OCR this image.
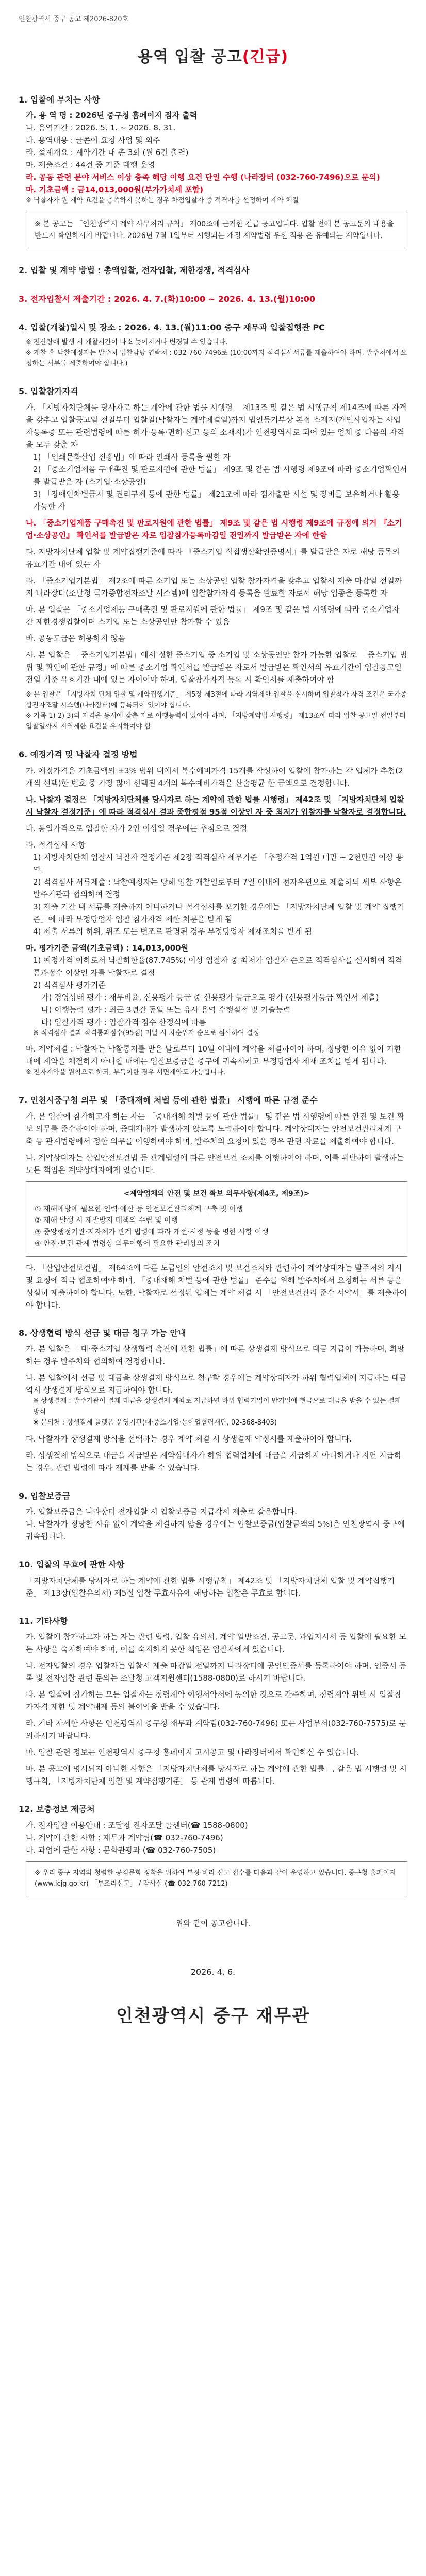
인천광역시 중구 공고 제2026-820호
용역 입찰 공고(긴급)
1. 입찰에 부치는 사항
가. 용 역 명 : 2026년 중구청 홈페이지 점자 출력
나. 용역기간 : 2026. 5. 1. ~ 2026. 8. 31.
다. 용역내용 : 글쓴이 요청 사업 및 외주
라. 설계개요 : 계약기간 내 총 3회 (월 6건 출력)
마. 제출조건 : 44건 중 기준 대행 운영
라. 공동 관련 분야 서비스 이상 충족 해당 이행 요건 단일 수행 (나라장터 (032-760-7496)으로 문의)
마. 기초금액 : 금14,013,000원(부가가치세 포함)
※ 낙찰자가 원 계약 요건을 충족하지 못하는 경우 차점입찰자 중 적격자를 선정하여 계약 체결
※ 본 공고는 「인천광역시 계약 사무처리 규칙」 제00조에 근거한 긴급 공고입니다. 입찰 전에 본 공고문의 내용을 반드시 확인하시기 바랍니다. 2026년 7월 1일부터 시행되는 개정 계약법령 우선 적용 은 유예되는 계약입니다.
2. 입찰 및 계약 방법 : 총액입찰, 전자입찰, 제한경쟁, 적격심사
3. 전자입찰서 제출기간 : 2026. 4. 7.(화)10:00 ~ 2026. 4. 13.(월)10:00
4. 입찰(개찰)일시 및 장소 : 2026. 4. 13.(월)11:00 중구 재무과 입찰집행관 PC
※ 전산장애 발생 시 개찰시간이 다소 늦어지거나 변경될 수 있습니다.
※ 개찰 후 낙찰예정자는 발주처 입찰담당 연락처 : 032-760-7496로 (10:00까지 적격심사서류를 제출하여야 하며, 발주처에서 요청하는 서류를 제출하여야 합니다.)
5. 입찰참가자격
가. 「지방자치단체를 당사자로 하는 계약에 관한 법률 시행령」 제13조 및 같은 법 시행규칙 제14조에 따른 자격을 갖추고 입찰공고일 전일부터 입찰일(낙찰자는 계약체결일)까지 법인등기부상 본점 소재지(개인사업자는 사업자등록증 또는 관련법령에 따른 허가·등록·면허·신고 등의 소재지)가 인천광역시로 되어 있는 업체 중 다음의 자격을 모두 갖춘 자
1) 「인쇄문화산업 진흥법」에 따라 인쇄사 등록을 필한 자
2) 「중소기업제품 구매촉진 및 판로지원에 관한 법률」 제9조 및 같은 법 시행령 제9조에 따라 중소기업확인서를 발급받은 자 (소기업·소상공인)
3) 「장애인차별금지 및 권리구제 등에 관한 법률」 제21조에 따라 점자출판 시설 및 장비를 보유하거나 활용 가능한 자
나. 「중소기업제품 구매촉진 및 판로지원에 관한 법률」 제9조 및 같은 법 시행령 제9조에 규정에 의거 『소기업·소상공인』 확인서를 발급받은 자로 입찰참가등록마감일 전일까지 발급받은 자에 한함
다. 지방자치단체 입찰 및 계약집행기준에 따라 『중소기업 직접생산확인증명서』를 발급받은 자로 해당 품목의 유효기간 내에 있는 자
라. 「중소기업기본법」 제2조에 따른 소기업 또는 소상공인 입찰 참가자격을 갖추고 입찰서 제출 마감일 전일까지 나라장터(조달청 국가종합전자조달 시스템)에 입찰참가자격 등록을 완료한 자로서 해당 업종을 등록한 자
마. 본 입찰은 「중소기업제품 구매촉진 및 판로지원에 관한 법률」 제9조 및 같은 법 시행령에 따라 중소기업자 간 제한경쟁입찰이며 소기업 또는 소상공인만 참가할 수 있음
바. 공동도급은 허용하지 않음
사. 본 입찰은 「중소기업기본법」에서 정한 중소기업 중 소기업 및 소상공인만 참가 가능한 입찰로 「중소기업 범위 및 확인에 관한 규정」에 따른 중소기업 확인서를 발급받은 자로서 발급받은 확인서의 유효기간이 입찰공고일 전일 기준 유효기간 내에 있는 자이어야 하며, 입찰참가자격 등록 시 확인서를 제출하여야 함
※ 본 입찰은 「지방자치 단체 입찰 및 계약집행기준」 제5장 제3절에 따라 지역제한 입찰을 실시하며 입찰참가 자격 조건은 국가종합전자조달 시스템(나라장터)에 등록되어 있어야 합니다.
※ 가목 1) 2) 3)의 자격을 동시에 갖춘 자로 이행능력이 있어야 하며, 「지방계약법 시행령」 제13조에 따라 입찰 공고일 전일부터 입찰일까지 지역제한 요건을 유지하여야 함
6. 예정가격 및 낙찰자 결정 방법
가. 예정가격은 기초금액의 ±3% 범위 내에서 복수예비가격 15개를 작성하여 입찰에 참가하는 각 업체가 추첨(2개씩 선택)한 번호 중 가장 많이 선택된 4개의 복수예비가격을 산술평균 한 금액으로 결정합니다.
나. 낙찰자 결정은 「지방자치단체를 당사자로 하는 계약에 관한 법률 시행령」 제42조 및 「지방자치단체 입찰시 낙찰자 결정기준」에 따라 적격심사 결과 종합평점 95점 이상인 자 중 최저가 입찰자를 낙찰자로 결정합니다.
다. 동일가격으로 입찰한 자가 2인 이상일 경우에는 추첨으로 결정
라. 적격심사 사항
1) 지방자치단체 입찰시 낙찰자 결정기준 제2장 적격심사 세부기준 「추정가격 1억원 미만 ~ 2천만원 이상 용역」
2) 적격심사 서류제출 : 낙찰예정자는 당해 입찰 개찰일로부터 7일 이내에 전자우편으로 제출하되 세부 사항은 발주기관과 협의하여 결정
3) 제출 기간 내 서류를 제출하지 아니하거나 적격심사를 포기한 경우에는 「지방자치단체 입찰 및 계약 집행기준」에 따라 부정당업자 입찰 참가자격 제한 처분을 받게 됨
4) 제출 서류의 허위, 위조 또는 변조로 판명된 경우 부정당업자 제재조치를 받게 됨
마. 평가기준 금액(기초금액) : 14,013,000원
1) 예정가격 이하로서 낙찰하한율(87.745%) 이상 입찰자 중 최저가 입찰자 순으로 적격심사를 실시하여 적격통과점수 이상인 자를 낙찰자로 결정
2) 적격심사 평가기준
가) 경영상태 평가 : 재무비율, 신용평가 등급 중 신용평가 등급으로 평가 (신용평가등급 확인서 제출)
나) 이행능력 평가 : 최근 3년간 동일 또는 유사 용역 수행실적 및 기술능력
다) 입찰가격 평가 : 입찰가격 점수 산정식에 따름
※ 적격심사 결과 적격통과점수(95점) 미달 시 차순위자 순으로 심사하여 결정
바. 계약체결 : 낙찰자는 낙찰통지를 받은 날로부터 10일 이내에 계약을 체결하여야 하며, 정당한 이유 없이 기한 내에 계약을 체결하지 아니할 때에는 입찰보증금을 중구에 귀속시키고 부정당업자 제재 조치를 받게 됩니다.
※ 전자계약을 원칙으로 하되, 부득이한 경우 서면계약도 가능합니다.
7. 인천시중구청 의무 및 「중대재해 처벌 등에 관한 법률」 시행에 따른 규정 준수
가. 본 입찰에 참가하고자 하는 자는 「중대재해 처벌 등에 관한 법률」 및 같은 법 시행령에 따른 안전 및 보건 확보 의무를 준수하여야 하며, 중대재해가 발생하지 않도록 노력하여야 합니다. 계약상대자는 안전보건관리체계 구축 등 관계법령에서 정한 의무를 이행하여야 하며, 발주처의 요청이 있을 경우 관련 자료를 제출하여야 합니다.
나. 계약상대자는 산업안전보건법 등 관계법령에 따른 안전보건 조치를 이행하여야 하며, 이를 위반하여 발생하는 모든 책임은 계약상대자에게 있습니다.
<계약업체의 안전 및 보건 확보 의무사항(제4조, 제9조)>
① 재해예방에 필요한 인력·예산 등 안전보건관리체계 구축 및 이행
② 재해 발생 시 재발방지 대책의 수립 및 이행
③ 중앙행정기관·지자체가 관계 법령에 따라 개선·시정 등을 명한 사항 이행
④ 안전·보건 관계 법령상 의무이행에 필요한 관리상의 조치
다. 「산업안전보건법」 제64조에 따른 도급인의 안전조치 및 보건조치와 관련하여 계약상대자는 발주처의 지시 및 요청에 적극 협조하여야 하며, 「중대재해 처벌 등에 관한 법률」 준수를 위해 발주처에서 요청하는 서류 등을 성실히 제출하여야 합니다. 또한, 낙찰자로 선정된 업체는 계약 체결 시 「안전보건관리 준수 서약서」를 제출하여야 합니다.
8. 상생협력 방식 선금 및 대금 청구 가능 안내
가. 본 입찰은 「대·중소기업 상생협력 촉진에 관한 법률」에 따른 상생결제 방식으로 대금 지급이 가능하며, 희망하는 경우 발주처와 협의하여 결정합니다.
나. 본 입찰에서 선금 및 대금을 상생결제 방식으로 청구할 경우에는 계약상대자가 하위 협력업체에 지급하는 대금 역시 상생결제 방식으로 지급하여야 합니다.
※ 상생결제 : 발주기관이 결제 대금을 상생결제 계좌로 지급하면 하위 협력기업이 만기일에 현금으로 대금을 받을 수 있는 결제 방식
※ 문의처 : 상생결제 플랫폼 운영기관(대·중소기업·농어업협력재단, 02-368-8403)
다. 낙찰자가 상생결제 방식을 선택하는 경우 계약 체결 시 상생결제 약정서를 제출하여야 합니다.
라. 상생결제 방식으로 대금을 지급받은 계약상대자가 하위 협력업체에 대금을 지급하지 아니하거나 지연 지급하는 경우, 관련 법령에 따라 제재를 받을 수 있습니다.
9. 입찰보증금
가. 입찰보증금은 나라장터 전자입찰 시 입찰보증금 지급각서 제출로 갈음합니다.
나. 낙찰자가 정당한 사유 없이 계약을 체결하지 않을 경우에는 입찰보증금(입찰금액의 5%)은 인천광역시 중구에 귀속됩니다.
10. 입찰의 무효에 관한 사항
「지방자치단체를 당사자로 하는 계약에 관한 법률 시행규칙」 제42조 및 「지방자치단체 입찰 및 계약집행기준」 제13장(입찰유의서) 제5절 입찰 무효사유에 해당하는 입찰은 무효로 합니다.
11. 기타사항
가. 입찰에 참가하고자 하는 자는 관련 법령, 입찰 유의서, 계약 일반조건, 공고문, 과업지시서 등 입찰에 필요한 모든 사항을 숙지하여야 하며, 이를 숙지하지 못한 책임은 입찰자에게 있습니다.
나. 전자입찰의 경우 입찰자는 입찰서 제출 마감일 전일까지 나라장터에 공인인증서를 등록하여야 하며, 인증서 등록 및 전자입찰 관련 문의는 조달청 고객지원센터(1588-0800)로 하시기 바랍니다.
다. 본 입찰에 참가하는 모든 입찰자는 청렴계약 이행서약서에 동의한 것으로 간주하며, 청렴계약 위반 시 입찰참가자격 제한 및 계약해제 등의 불이익을 받을 수 있습니다.
라. 기타 자세한 사항은 인천광역시 중구청 재무과 계약팀(032-760-7496) 또는 사업부서(032-760-7575)로 문의하시기 바랍니다.
마. 입찰 관련 정보는 인천광역시 중구청 홈페이지 고시공고 및 나라장터에서 확인하실 수 있습니다.
바. 본 공고에 명시되지 아니한 사항은 「지방자치단체를 당사자로 하는 계약에 관한 법률」, 같은 법 시행령 및 시행규칙, 「지방자치단체 입찰 및 계약집행기준」 등 관계 법령에 따릅니다.
12. 보충정보 제공처
가. 전자입찰 이용안내 : 조달청 전자조달 콜센터(☎ 1588-0800)
나. 계약에 관한 사항 : 재무과 계약팀(☎ 032-760-7496)
다. 과업에 관한 사항 : 문화관광과 (☎ 032-760-7505)
※ 우리 중구 지역의 청렴한 공직문화 정착을 위하여 부정·비리 신고 접수를 다음과 같이 운영하고 있습니다. 중구청 홈페이지(www.icjg.go.kr) 「부조리신고」 / 감사실 (☎ 032-760-7212)
위와 같이 공고합니다.
2026. 4. 6.
인천광역시 중구 재무관
